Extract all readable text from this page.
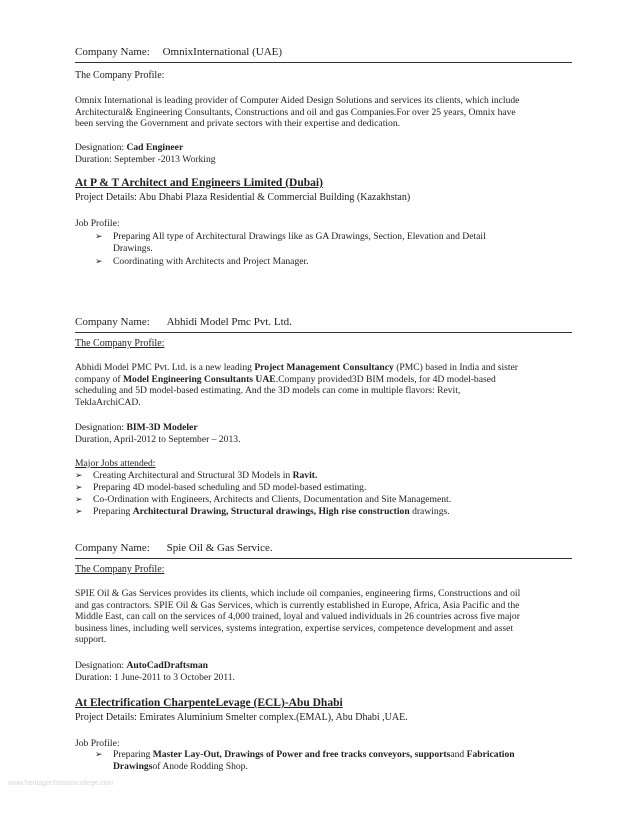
Company Name: OmnixInternational (UAE)
The Company Profile:
Omnix International is leading provider of Computer Aided Design Solutions and services its clients, which include
Architectural& Engineering Consultants, Constructions and oil and gas Companies.For over 25 years, Omnix have
been serving the Government and private sectors with their expertise and dedication.
Designation: Cad Engineer
Duration: September -2013 Working
At P & T Architect and Engineers Limited (Dubai)
Project Details: Abu Dhabi Plaza Residential & Commercial Building (Kazakhstan)
Job Profile:
➢ Preparing All type of Architectural Drawings like as GA Drawings, Section, Elevation and Detail
Drawings.
➢ Coordinating with Architects and Project Manager.
Company Name: Abhidi Model Pmc Pvt. Ltd.
The Company Profile:
Abhidi Model PMC Pvt. Ltd. is a new leading Project Management Consultancy (PMC) based in India and sister
company of Model Engineering Consultants UAE.Company provided3D BIM models, for 4D model-based
scheduling and 5D model-based estimating. And the 3D models can come in multiple flavors: Revit,
TeklaArchiCAD.
Designation: BIM-3D Modeler
Duration, April-2012 to September – 2013.
Major Jobs attended:
➢ Creating Architectural and Structural 3D Models in Ravit.
➢ Preparing 4D model-based scheduling and 5D model-based estimating.
➢ Co-Ordination with Engineers, Architects and Clients, Documentation and Site Management.
➢ Preparing Architectural Drawing, Structural drawings, High rise construction drawings.
Company Name: Spie Oil & Gas Service.
The Company Profile:
SPIE Oil & Gas Services provides its clients, which include oil companies, engineering firms, Constructions and oil
and gas contractors. SPIE Oil & Gas Services, which is currently established in Europe, Africa, Asia Pacific and the
Middle East, can call on the services of 4,000 trained, loyal and valued individuals in 26 countries across five major
business lines, including well services, systems integration, expertise services, competence development and asset
support.
Designation: AutoCadDraftsman
Duration: 1 June-2011 to 3 October 2011.
At Electrification CharpenteLevage (ECL)-Abu Dhabi
Project Details: Emirates Aluminium Smelter complex.(EMAL), Abu Dhabi ,UAE.
Job Profile:
➢ Preparing Master Lay-Out, Drawings of Power and free tracks conveyors, supportsand Fabrication
Drawingsof Anode Rodding Shop.
www.heritagechristiancollege.com
